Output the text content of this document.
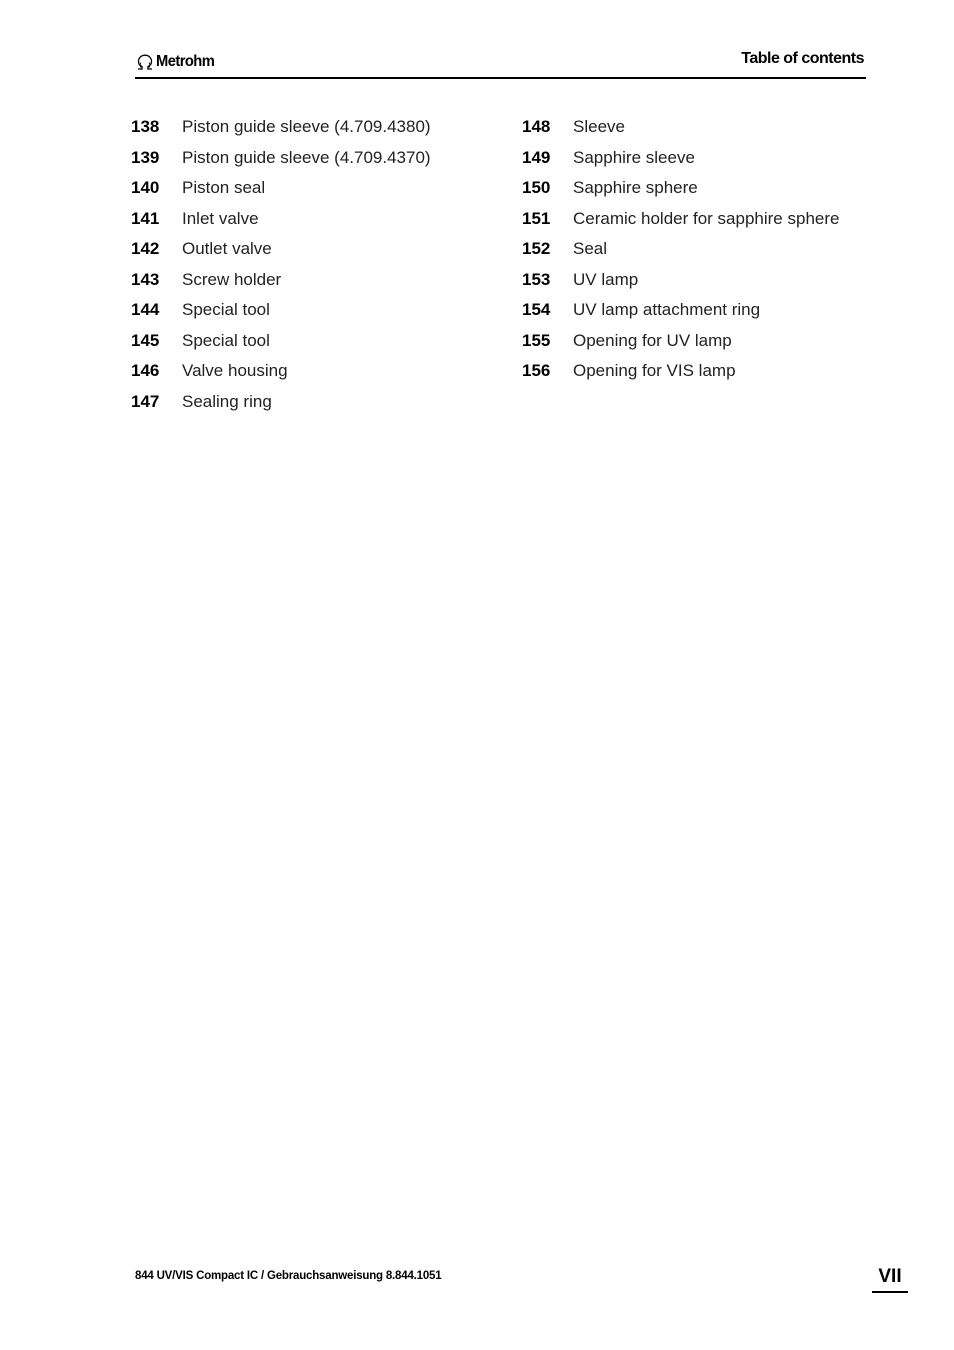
Metrohm	Table of contents
138	Piston guide sleeve (4.709.4380)
139	Piston guide sleeve (4.709.4370)
140	Piston seal
141	Inlet valve
142	Outlet valve
143	Screw holder
144	Special tool
145	Special tool
146	Valve housing
147	Sealing ring
148	Sleeve
149	Sapphire sleeve
150	Sapphire sphere
151	Ceramic holder for sapphire sphere
152	Seal
153	UV lamp
154	UV lamp attachment ring
155	Opening for UV lamp
156	Opening for VIS lamp
844 UV/VIS Compact IC / Gebrauchsanweisung 8.844.1051	VII
